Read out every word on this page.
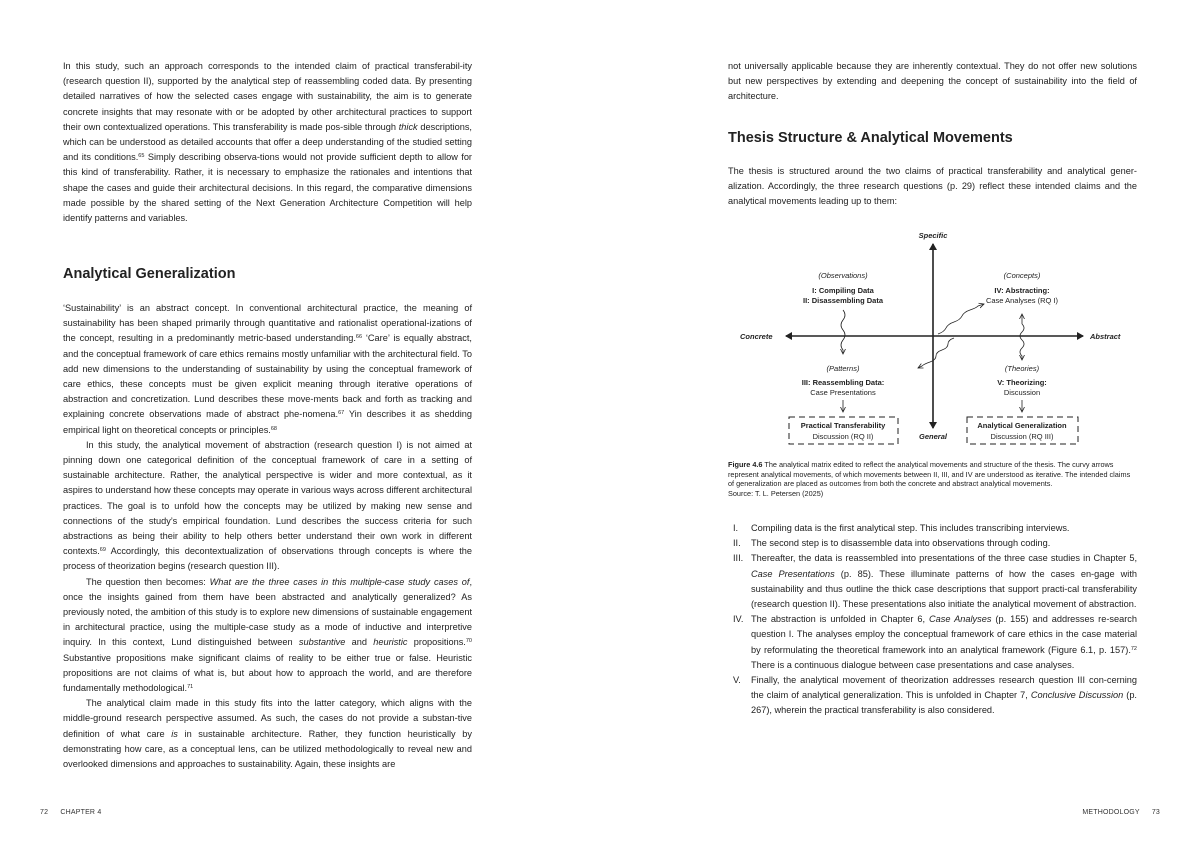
In this study, such an approach corresponds to the intended claim of practical transferabil-ity (research question II), supported by the analytical step of reassembling coded data. By presenting detailed narratives of how the selected cases engage with sustainability, the aim is to generate concrete insights that may resonate with or be adopted by other architectural practices to support their own contextualized operations. This transferability is made pos-sible through thick descriptions, which can be understood as detailed accounts that offer a deep understanding of the studied setting and its conditions.$^{65}$ Simply describing observa-tions would not provide sufficient depth to allow for this kind of transferability. Rather, it is necessary to emphasize the rationales and intentions that shape the cases and guide their architectural decisions. In this regard, the comparative dimensions made possible by the shared setting of the Next Generation Architecture Competition will help identify patterns and variables.

Analytical Generalization

‘Sustainability’ is an abstract concept. In conventional architectural practice, the meaning of sustainability has been shaped primarily through quantitative and rationalist operational-izations of the concept, resulting in a predominantly metric-based understanding.$^{66}$ ‘Care’ is equally abstract, and the conceptual framework of care ethics remains mostly unfamiliar with the architectural field. To add new dimensions to the understanding of sustainability by using the conceptual framework of care ethics, these concepts must be given explicit meaning through iterative operations of abstraction and concretization. Lund describes these move-ments back and forth as tracking and explaining concrete observations made of abstract phe-nomena.$^{67}$ Yin describes it as shedding empirical light on theoretical concepts or principles.$^{68}$

In this study, the analytical movement of abstraction (research question I) is not aimed at pinning down one categorical definition of the conceptual framework of care in a setting of sustainable architecture. Rather, the analytical perspective is wider and more contextual, as it aspires to understand how these concepts may operate in various ways across different architectural practices. The goal is to unfold how the concepts may be utilized by making new sense and connections of the study’s empirical foundation. Lund describes the success criteria for such abstractions as being their ability to help others better understand their own work in different contexts.$^{69}$ Accordingly, this decontextualization of observations through concepts is where the process of theorization begins (research question III).

The question then becomes: What are the three cases in this multiple-case study cases of, once the insights gained from them have been abstracted and analytically generalized? As previously noted, the ambition of this study is to explore new dimensions of sustainable engagement in architectural practice, using the multiple-case study as a mode of inductive and interpretive inquiry. In this context, Lund distinguished between substantive and heuristic propositions.$^{70}$ Substantive propositions make significant claims of reality to be either true or false. Heuristic propositions are not claims of what is, but about how to approach the world, and are therefore fundamentally methodological.$^{71}$

The analytical claim made in this study fits into the latter category, which aligns with the middle-ground research perspective assumed. As such, the cases do not provide a substan-tive definition of what care is in sustainable architecture. Rather, they function heuristically by demonstrating how care, as a conceptual lens, can be utilized methodologically to reveal new and overlooked dimensions and approaches to sustainability. Again, these insights are

72 CHAPTER 4

not universally applicable because they are inherently contextual. They do not offer new solutions but new perspectives by extending and deepening the concept of sustainability into the field of architecture.

Thesis Structure & Analytical Movements

The thesis is structured around the two claims of practical transferability and analytical gener-alization. Accordingly, the three research questions (p. 29) reflect these intended claims and the analytical movements leading up to them:

Specific
General
Concrete	Abstract
(Observations)
I: Compiling Data
II: Disassembling Data
(Concepts)
IV: Abstracting:
Case Analyses (RQ I)
(Patterns)
III: Reassembling Data:
Case Presentations
(Theories)
V: Theorizing:
Discussion
Practical Transferability
Discussion (RQ II)
Analytical Generalization
Discussion (RQ III)
Figure 4.6 The analytical matrix edited to reflect the analytical movements and structure of the thesis. The curvy arrows represent analytical movements, of which movements between II, III, and IV are understood as iterative. The intended claims of generalization are placed as outcomes from both the concrete and abstract analytical movements.
Source: T. L. Petersen (2025)
I. Compiling data is the first analytical step. This includes transcribing interviews.
II. The second step is to disassemble data into observations through coding.
III. Thereafter, the data is reassembled into presentations of the three case studies in Chapter 5, Case Presentations (p. 85). These illuminate patterns of how the cases en-gage with sustainability and thus outline the thick case descriptions that support practi-cal transferability (research question II). These presentations also initiate the analytical movement of abstraction.
IV. The abstraction is unfolded in Chapter 6, Case Analyses (p. 155) and addresses re-search question I. The analyses employ the conceptual framework of care ethics in the case material by reformulating the theoretical framework into an analytical framework (Figure 6.1, p. 157).$^{72}$ There is a continuous dialogue between case presentations and case analyses.
V. Finally, the analytical movement of theorization addresses research question III con-cerning the claim of analytical generalization. This is unfolded in Chapter 7, Conclusive Discussion (p. 267), wherein the practical transferability is also considered.
METHODOLOGY 73
